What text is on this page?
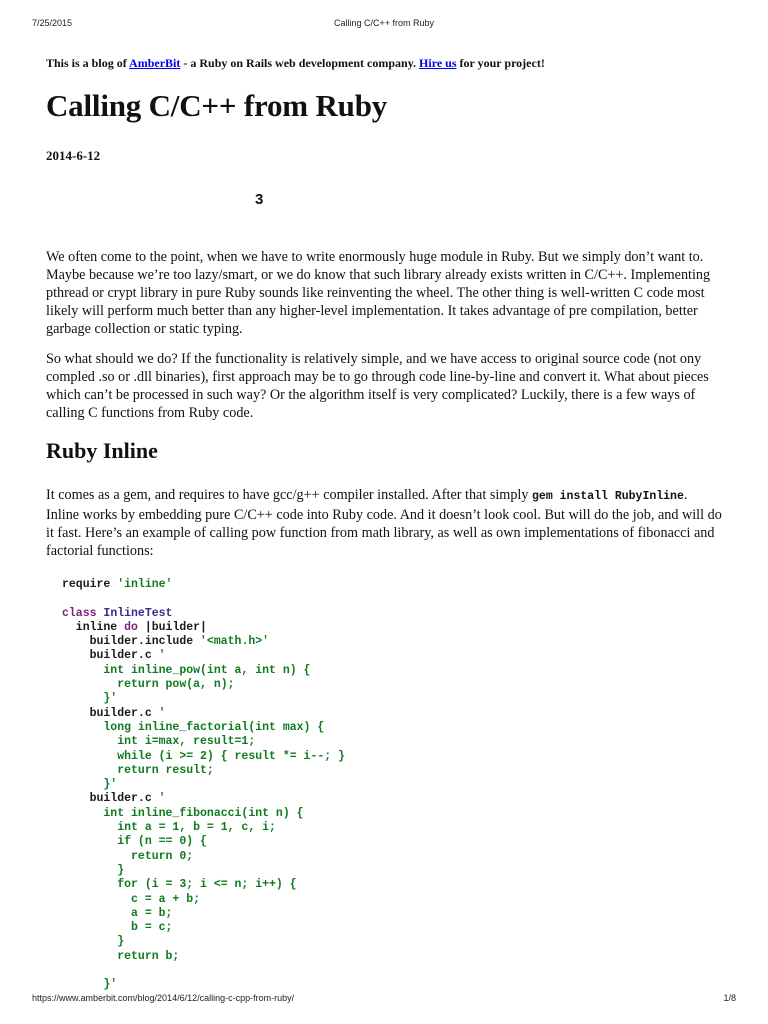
7/25/2015	Calling C/C++ from Ruby
This is a blog of AmberBit - a Ruby on Rails web development company. Hire us for your project!
Calling C/C++ from Ruby
2014-6-12
3

We often come to the point, when we have to write enormously huge module in Ruby. But we simply don’t want to. Maybe because we’re too lazy/smart, or we do know that such library already exists written in C/C++. Implementing pthread or crypt library in pure Ruby sounds like reinventing the wheel. The other thing is well-written C code most likely will perform much better than any higher-level implementation. It takes advantage of pre compilation, better garbage collection or static typing.

So what should we do? If the functionality is relatively simple, and we have access to original source code (not ony compled .so or .dll binaries), first approach may be to go through code line-by-line and convert it. What about pieces which can’t be processed in such way? Or the algorithm itself is very complicated? Luckily, there is a few ways of calling C functions from Ruby code.

Ruby Inline

It comes as a gem, and requires to have gcc/g++ compiler installed. After that simply gem install RubyInline. Inline works by embedding pure C/C++ code into Ruby code. And it doesn’t look cool. But will do the job, and will do it fast. Here’s an example of calling pow function from math library, as well as own implementations of fibonacci and factorial functions:

require 'inline'

class InlineTest
inline do |builder|
builder.include '<math.h>'
builder.c '
int inline_pow(int a, int n) {
return pow(a, n);
}'
builder.c '
long inline_factorial(int max) {
int i=max, result=1;
while (i >= 2) { result *= i--; }
return result;
}'
builder.c '
int inline_fibonacci(int n) {
int a = 1, b = 1, c, i;
if (n == 0) {
return 0;
}
for (i = 3; i <= n; i++) {
c = a + b;
a = b;
b = c;
}
return b;

}'
https://www.amberbit.com/blog/2014/6/12/calling-c-cpp-from-ruby/	1/8
